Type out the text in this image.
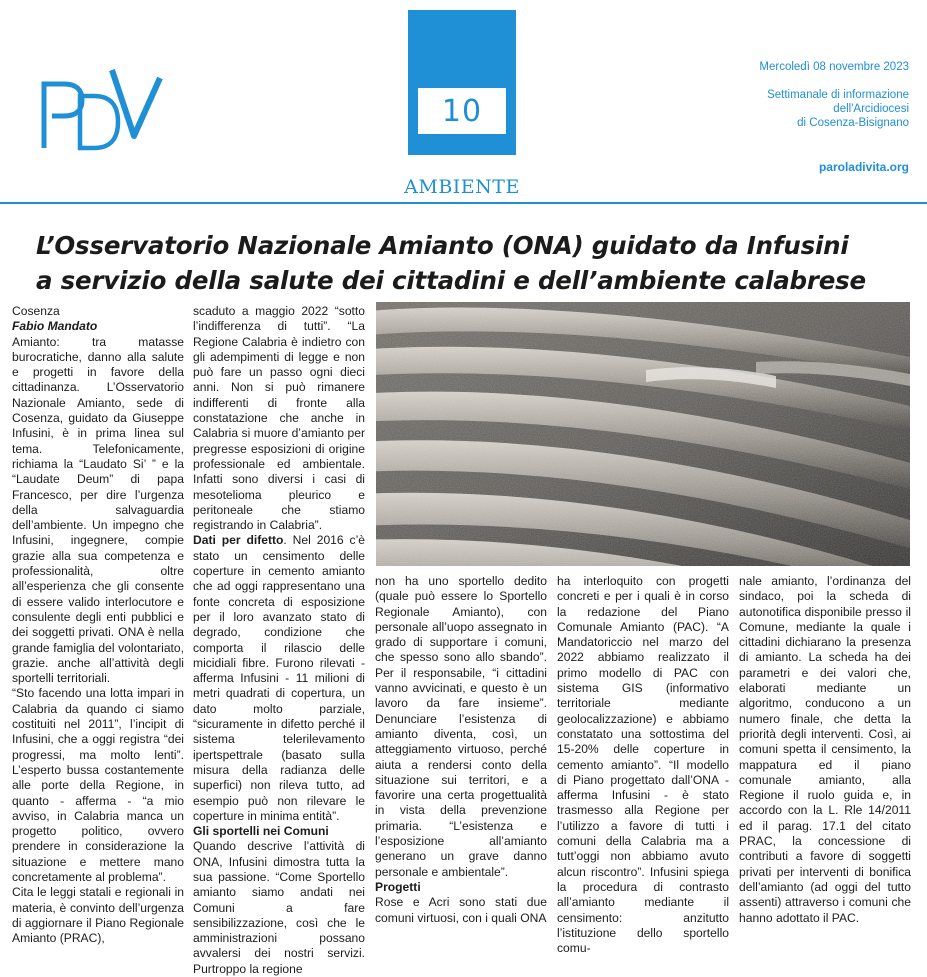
10
AMBIENTE
Mercoledì 08 novembre 2023
Settimanale di informazione
dell'Arcidiocesi
di Cosenza-Bisignano
paroladivita.org
L’Osservatorio Nazionale Amianto (ONA) guidato da Infusini
a servizio della salute dei cittadini e dell’ambiente calabrese

Cosenza

Fabio Mandato

Amianto: tra matasse burocratiche, danno alla salute e progetti in favore della cittadinanza. L’Osservatorio Nazionale Amianto, sede di Cosenza, guidato da Giuseppe Infusini, è in prima linea sul tema. Telefonicamente, richiama la “Laudato Si’ ” e la “Laudate Deum” di papa Francesco, per dire l’urgenza della salvaguardia dell’ambiente. Un impegno che Infusini, ingegnere, compie grazie alla sua competenza e professionalità, oltre all’esperienza che gli consente di essere valido interlocutore e consulente degli enti pubblici e dei soggetti privati. ONA è nella grande famiglia del volontariato, grazie. anche all’attività degli sportelli territoriali.

“Sto facendo una lotta impari in Calabria da quando ci siamo costituiti nel 2011”, l’incipit di Infusini, che a oggi registra “dei progressi, ma molto lenti”. L’esperto bussa costantemente alle porte della Regione, in quanto - afferma - “a mio avviso, in Calabria manca un progetto politico, ovvero prendere in considerazione la situazione e mettere mano concretamente al problema”.

Cita le leggi statali e regionali in materia, è convinto dell’urgenza di aggiornare il Piano Regionale Amianto (PRAC),

scaduto a maggio 2022 “sotto l’indifferenza di tutti”. “La Regione Calabria è indietro con gli adempimenti di legge e non può fare un passo ogni dieci anni. Non si può rimanere indifferenti di fronte alla constatazione che anche in Calabria si muore d’amianto per pregresse esposizioni di origine professionale ed ambientale. Infatti sono diversi i casi di mesotelioma pleurico e peritoneale che stiamo registrando in Calabria”.

Dati per difetto. Nel 2016 c’è stato un censimento delle coperture in cemento amianto che ad oggi rappresentano una fonte concreta di esposizione per il loro avanzato stato di degrado, condizione che comporta il rilascio delle micidiali fibre. Furono rilevati - afferma Infusini - 11 milioni di metri quadrati di copertura, un dato molto parziale, “sicuramente in difetto perché il sistema telerilevamento ipertspettrale (basato sulla misura della radianza delle superfici) non rileva tutto, ad esempio può non rilevare le coperture in minima entità”.

Gli sportelli nei Comuni

Quando descrive l’attività di ONA, Infusini dimostra tutta la sua passione. “Come Sportello amianto siamo andati nei Comuni a fare sensibilizzazione, così che le amministrazioni possano avvalersi dei nostri servizi. Purtroppo la regione

non ha uno sportello dedito (quale può essere lo Sportello Regionale Amianto), con personale all’uopo assegnato in grado di supportare i comuni, che spesso sono allo sbando”. Per il responsabile, “i cittadini vanno avvicinati, e questo è un lavoro da fare insieme”. Denunciare l’esistenza di amianto diventa, così, un atteggiamento virtuoso, perché aiuta a rendersi conto della situazione sui territori, e a favorire una certa progettualità in vista della prevenzione primaria. “L’esistenza e l’esposizione all’amianto generano un grave danno personale e ambientale”.

Progetti

Rose e Acri sono stati due comuni virtuosi, con i quali ONA

ha interloquito con progetti concreti e per i quali è in corso la redazione del Piano Comunale Amianto (PAC). “A Mandatoriccio nel marzo del 2022 abbiamo realizzato il primo modello di PAC con sistema GIS (informativo territoriale mediante geolocalizzazione) e abbiamo constatato una sottostima del 15-20% delle coperture in cemento amianto”. “Il modello di Piano progettato dall’ONA - afferma Infusini - è stato trasmesso alla Regione per l’utilizzo a favore di tutti i comuni della Calabria ma a tutt’oggi non abbiamo avuto alcun riscontro”. Infusini spiega la procedura di contrasto all’amianto mediante il censimento: anzitutto l’istituzione dello sportello comu-

nale amianto, l’ordinanza del sindaco, poi la scheda di autonotifica disponibile presso il Comune, mediante la quale i cittadini dichiarano la presenza di amianto. La scheda ha dei parametri e dei valori che, elaborati mediante un algoritmo, conducono a un numero finale, che detta la priorità degli interventi. Così, ai comuni spetta il censimento, la mappatura ed il piano comunale amianto, alla Regione il ruolo guida e, in accordo con la L. Rle 14/2011 ed il parag. 17.1 del citato PRAC, la concessione di contributi a favore di soggetti privati per interventi di bonifica dell’amianto (ad oggi del tutto assenti) attraverso i comuni che hanno adottato il PAC.
